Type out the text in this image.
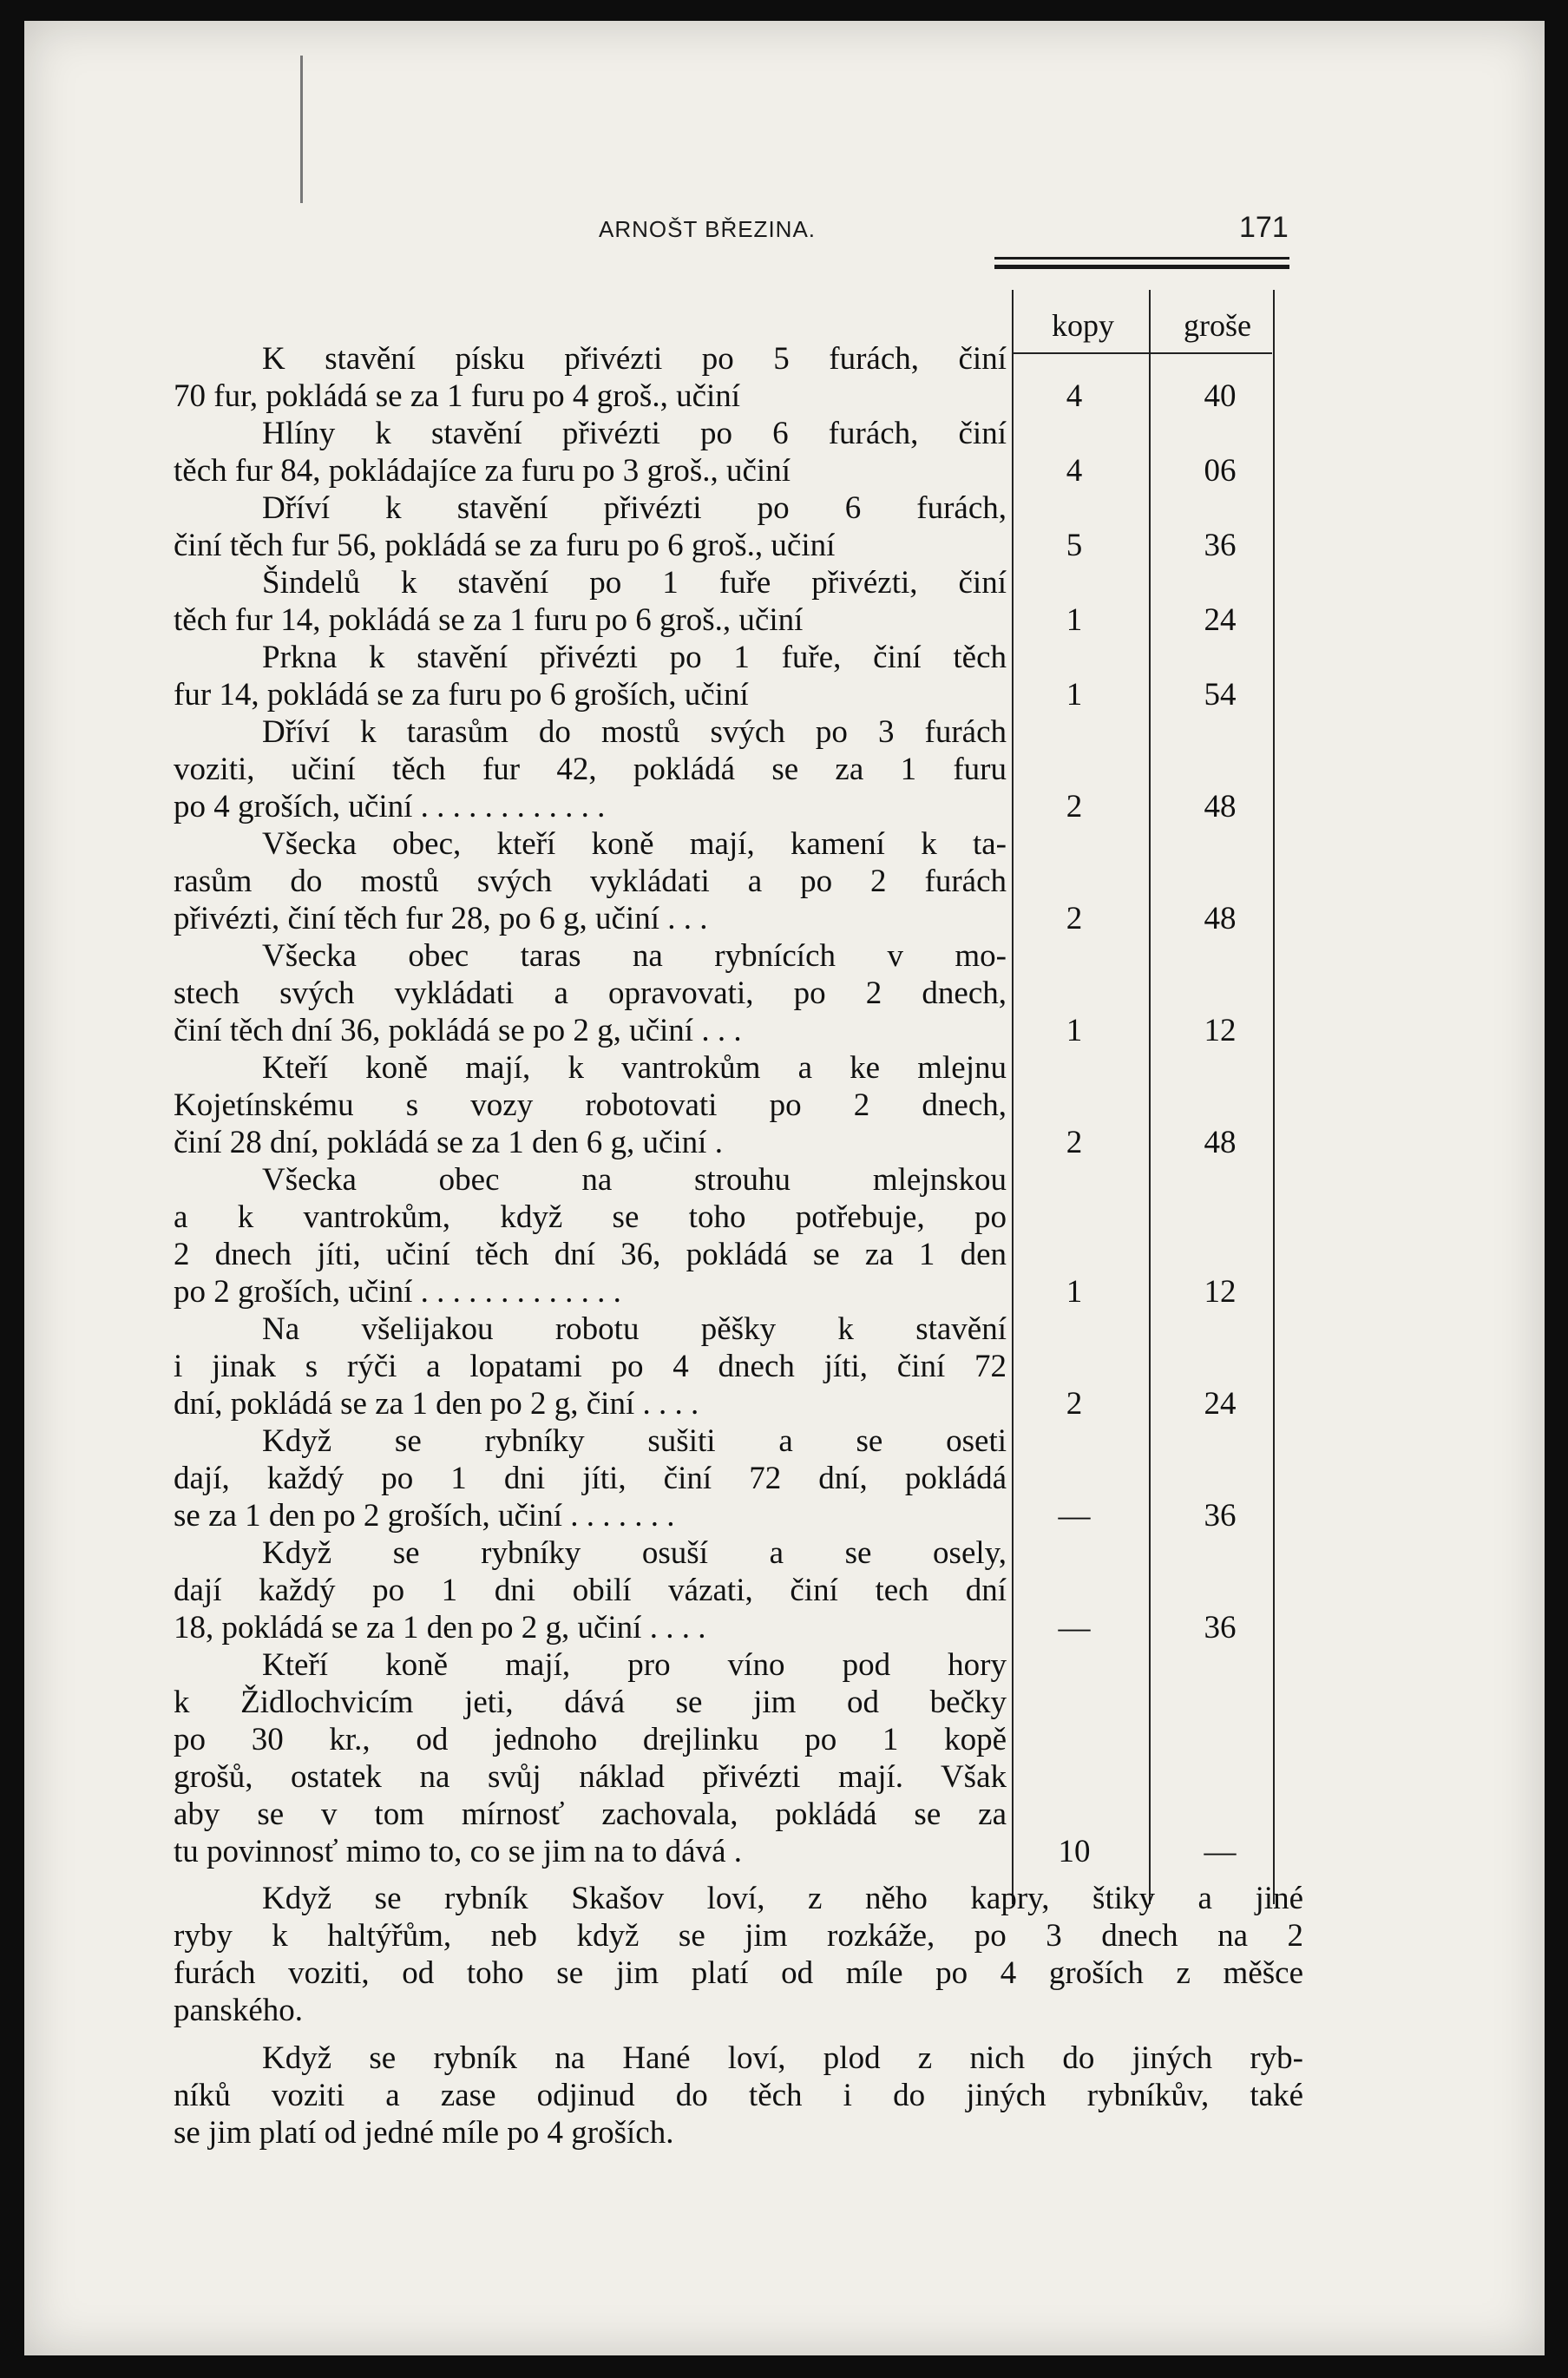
ARNOŠT BŘEZINA.	171
kopy	groše
K stavění písku přivézti po 5 furách, činí
70 fur, pokládá se za 1 furu po 4 groš., učiní	4	40
Hlíny k stavění přivézti po 6 furách, činí
těch fur 84, pokládajíce za furu po 3 groš., učiní	4	06
Dříví k stavění přivézti po 6 furách,
činí těch fur 56, pokládá se za furu po 6 groš., učiní	5	36
Šindelů k stavění po 1 fuře přivézti, činí
těch fur 14, pokládá se za 1 furu po 6 groš., učiní	1	24
Prkna k stavění přivézti po 1 fuře, činí těch
fur 14, pokládá se za furu po 6 groších, učiní	1	54
Dříví k tarasům do mostů svých po 3 furách
voziti, učiní těch fur 42, pokládá se za 1 furu
po 4 groších, učiní . . . . . . . . . . . .	2	48
Všecka obec, kteří koně mají, kamení k ta-
rasům do mostů svých vykládati a po 2 furách
přivézti, činí těch fur 28, po 6 g, učiní . . .	2	48
Všecka obec taras na rybnících v mo-
stech svých vykládati a opravovati, po 2 dnech,
činí těch dní 36, pokládá se po 2 g, učiní . . .	1	12
Kteří koně mají, k vantrokům a ke mlejnu
Kojetínskému s vozy robotovati po 2 dnech,
činí 28 dní, pokládá se za 1 den 6 g, učiní .	2	48
Všecka obec na strouhu mlejnskou
a k vantrokům, když se toho potřebuje, po
2 dnech jíti, učiní těch dní 36, pokládá se za 1 den
po 2 groších, učiní . . . . . . . . . . . . .	1	12
Na všelijakou robotu pěšky k stavění
i jinak s rýči a lopatami po 4 dnech jíti, činí 72
dní, pokládá se za 1 den po 2 g, činí . . . .	2	24
Když se rybníky sušiti a se oseti
dají, každý po 1 dni jíti, činí 72 dní, pokládá
se za 1 den po 2 groších, učiní . . . . . . .	—	36
Když se rybníky osuší a se osely,
dají každý po 1 dni obilí vázati, činí tech dní
18, pokládá se za 1 den po 2 g, učiní . . . .	—	36
Kteří koně mají, pro víno pod hory
k Židlochvicím jeti, dává se jim od bečky
po 30 kr., od jednoho drejlinku po 1 kopě
grošů, ostatek na svůj náklad přivézti mají. Však
aby se v tom mírnosť zachovala, pokládá se za
tu povinnosť mimo to, co se jim na to dává .	10	—
Když se rybník Skašov loví, z něho kapry, štiky a jiné
ryby k haltýřům, neb když se jim rozkáže, po 3 dnech na 2
furách voziti, od toho se jim platí od míle po 4 groších z měšce
panského.
Když se rybník na Hané loví, plod z nich do jiných ryb-
níků voziti a zase odjinud do těch i do jiných rybníkův, také
se jim platí od jedné míle po 4 groších.
